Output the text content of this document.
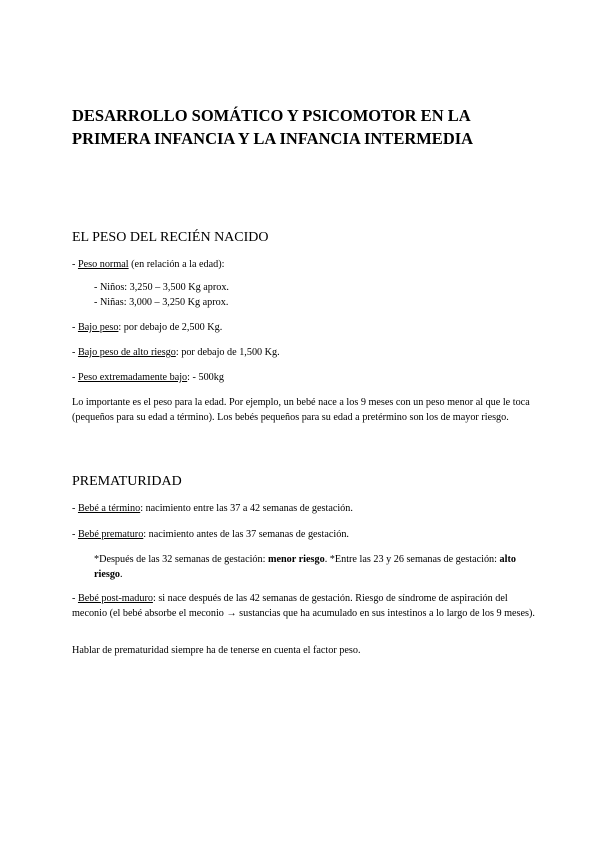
DESARROLLO SOMÁTICO Y PSICOMOTOR EN LA
PRIMERA INFANCIA Y LA INFANCIA INTERMEDIA
EL PESO DEL RECIÉN NACIDO

- Peso normal (en relación a la edad):

- Niños: 3,250 – 3,500 Kg aprox.

- Niñas: 3,000 – 3,250 Kg aprox.

- Bajo peso: por debajo de 2,500 Kg.

- Bajo peso de alto riesgo: por debajo de 1,500 Kg.

- Peso extremadamente bajo: - 500kg

Lo importante es el peso para la edad. Por ejemplo, un bebé nace a los 9 meses con un peso menor al que le toca (pequeños para su edad a término). Los bebés pequeños para su edad a pretérmino son los de mayor riesgo.

PREMATURIDAD

- Bebé a término: nacimiento entre las 37 a 42 semanas de gestación.

- Bebé prematuro: nacimiento antes de las 37 semanas de gestación.

*Después de las 32 semanas de gestación: menor riesgo. *Entre las 23 y 26 semanas de gestación: alto riesgo.

- Bebé post-maduro: si nace después de las 42 semanas de gestación. Riesgo de síndrome de aspiración del meconio (el bebé absorbe el meconio → sustancias que ha acumulado en sus intestinos a lo largo de los 9 meses).

Hablar de prematuridad siempre ha de tenerse en cuenta el factor peso.
